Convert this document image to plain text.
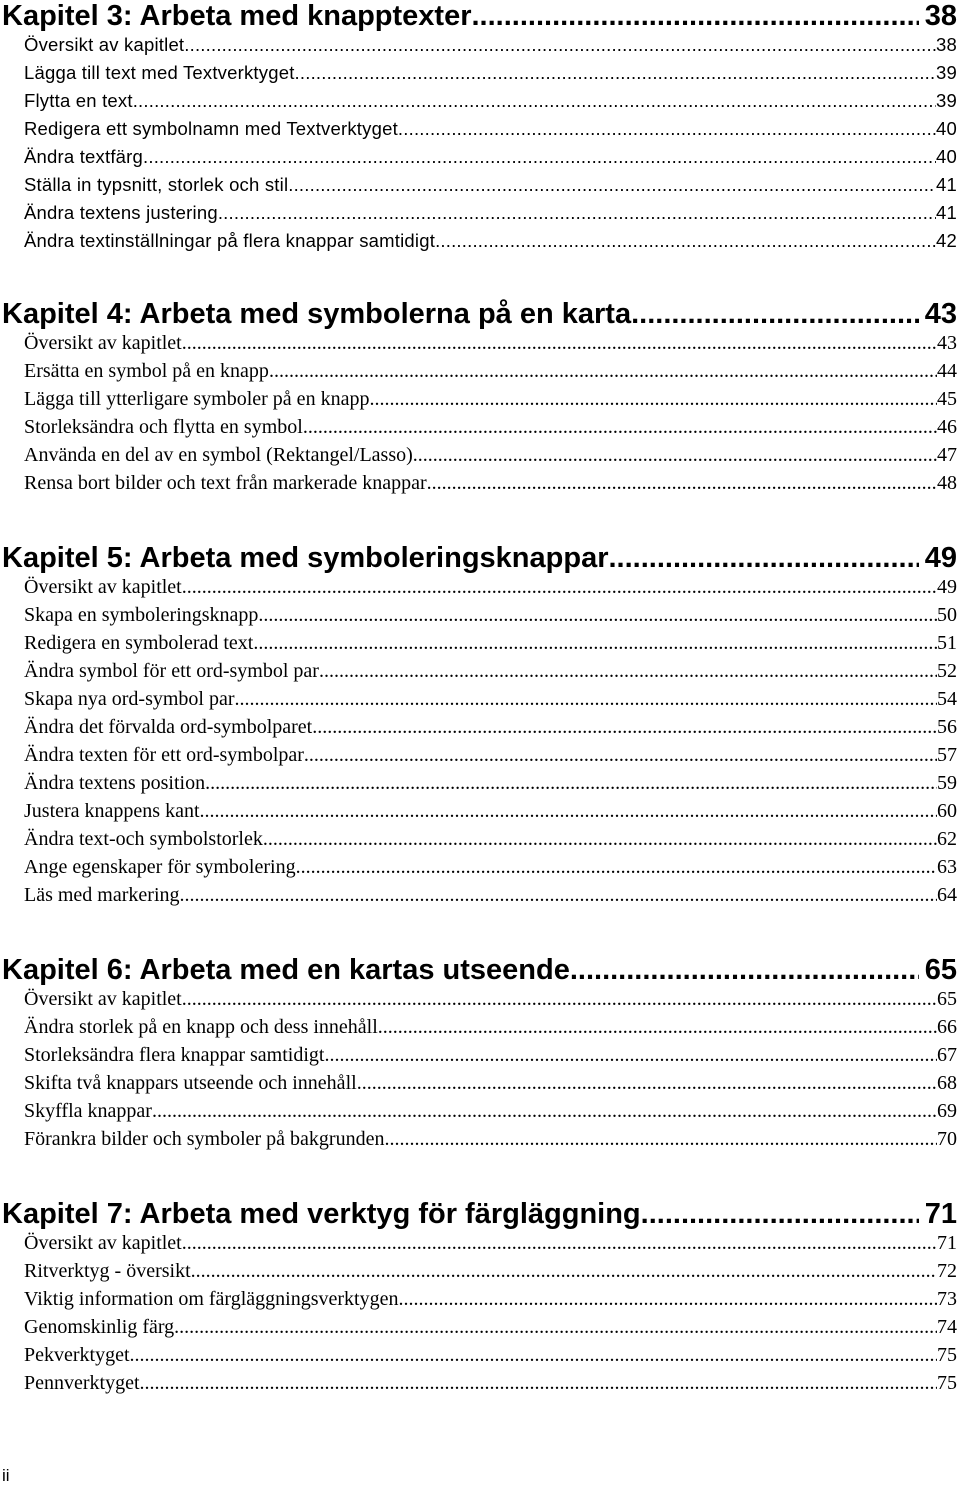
Kapitel 3: Arbeta med knapptexter .....	38
Översikt av kapitlet .....	38
Lägga till text med Textverktyget .....	39
Flytta en text .....	39
Redigera ett symbolnamn med Textverktyget .....	40
Ändra textfärg .....	40
Ställa in typsnitt, storlek och stil .....	41
Ändra textens justering .....	41
Ändra textinställningar på flera knappar samtidigt .....	42
Kapitel 4: Arbeta med symbolerna på en karta .....	43
Översikt av kapitlet .....	43
Ersätta en symbol på en knapp .....	44
Lägga till ytterligare symboler på en knapp .....	45
Storleksändra och flytta en symbol .....	46
Använda en del av en symbol (Rektangel/Lasso) .....	47
Rensa bort bilder och text från markerade knappar .....	48
Kapitel 5: Arbeta med symboleringsknappar .....	49
Översikt av kapitlet .....	49
Skapa en symboleringsknapp .....	50
Redigera en symbolerad text .....	51
Ändra symbol för ett ord-symbol par .....	52
Skapa nya ord-symbol par .....	54
Ändra det förvalda ord-symbolparet .....	56
Ändra texten för ett ord-symbolpar .....	57
Ändra textens position .....	59
Justera knappens kant .....	60
Ändra text-och symbolstorlek .....	62
Ange egenskaper för symbolering .....	63
Läs med markering .....	64
Kapitel 6: Arbeta med en kartas utseende .....	65
Översikt av kapitlet .....	65
Ändra storlek på en knapp och dess innehåll .....	66
Storleksändra flera knappar samtidigt .....	67
Skifta två knappars utseende och innehåll .....	68
Skyffla knappar .....	69
Förankra bilder och symboler på bakgrunden .....	70
Kapitel 7: Arbeta med verktyg för färgläggning .....	71
Översikt av kapitlet .....	71
Ritverktyg - översikt .....	72
Viktig information om färgläggningsverktygen .....	73
Genomskinlig färg .....	74
Pekverktyget .....	75
Pennverktyget .....	75
ii
